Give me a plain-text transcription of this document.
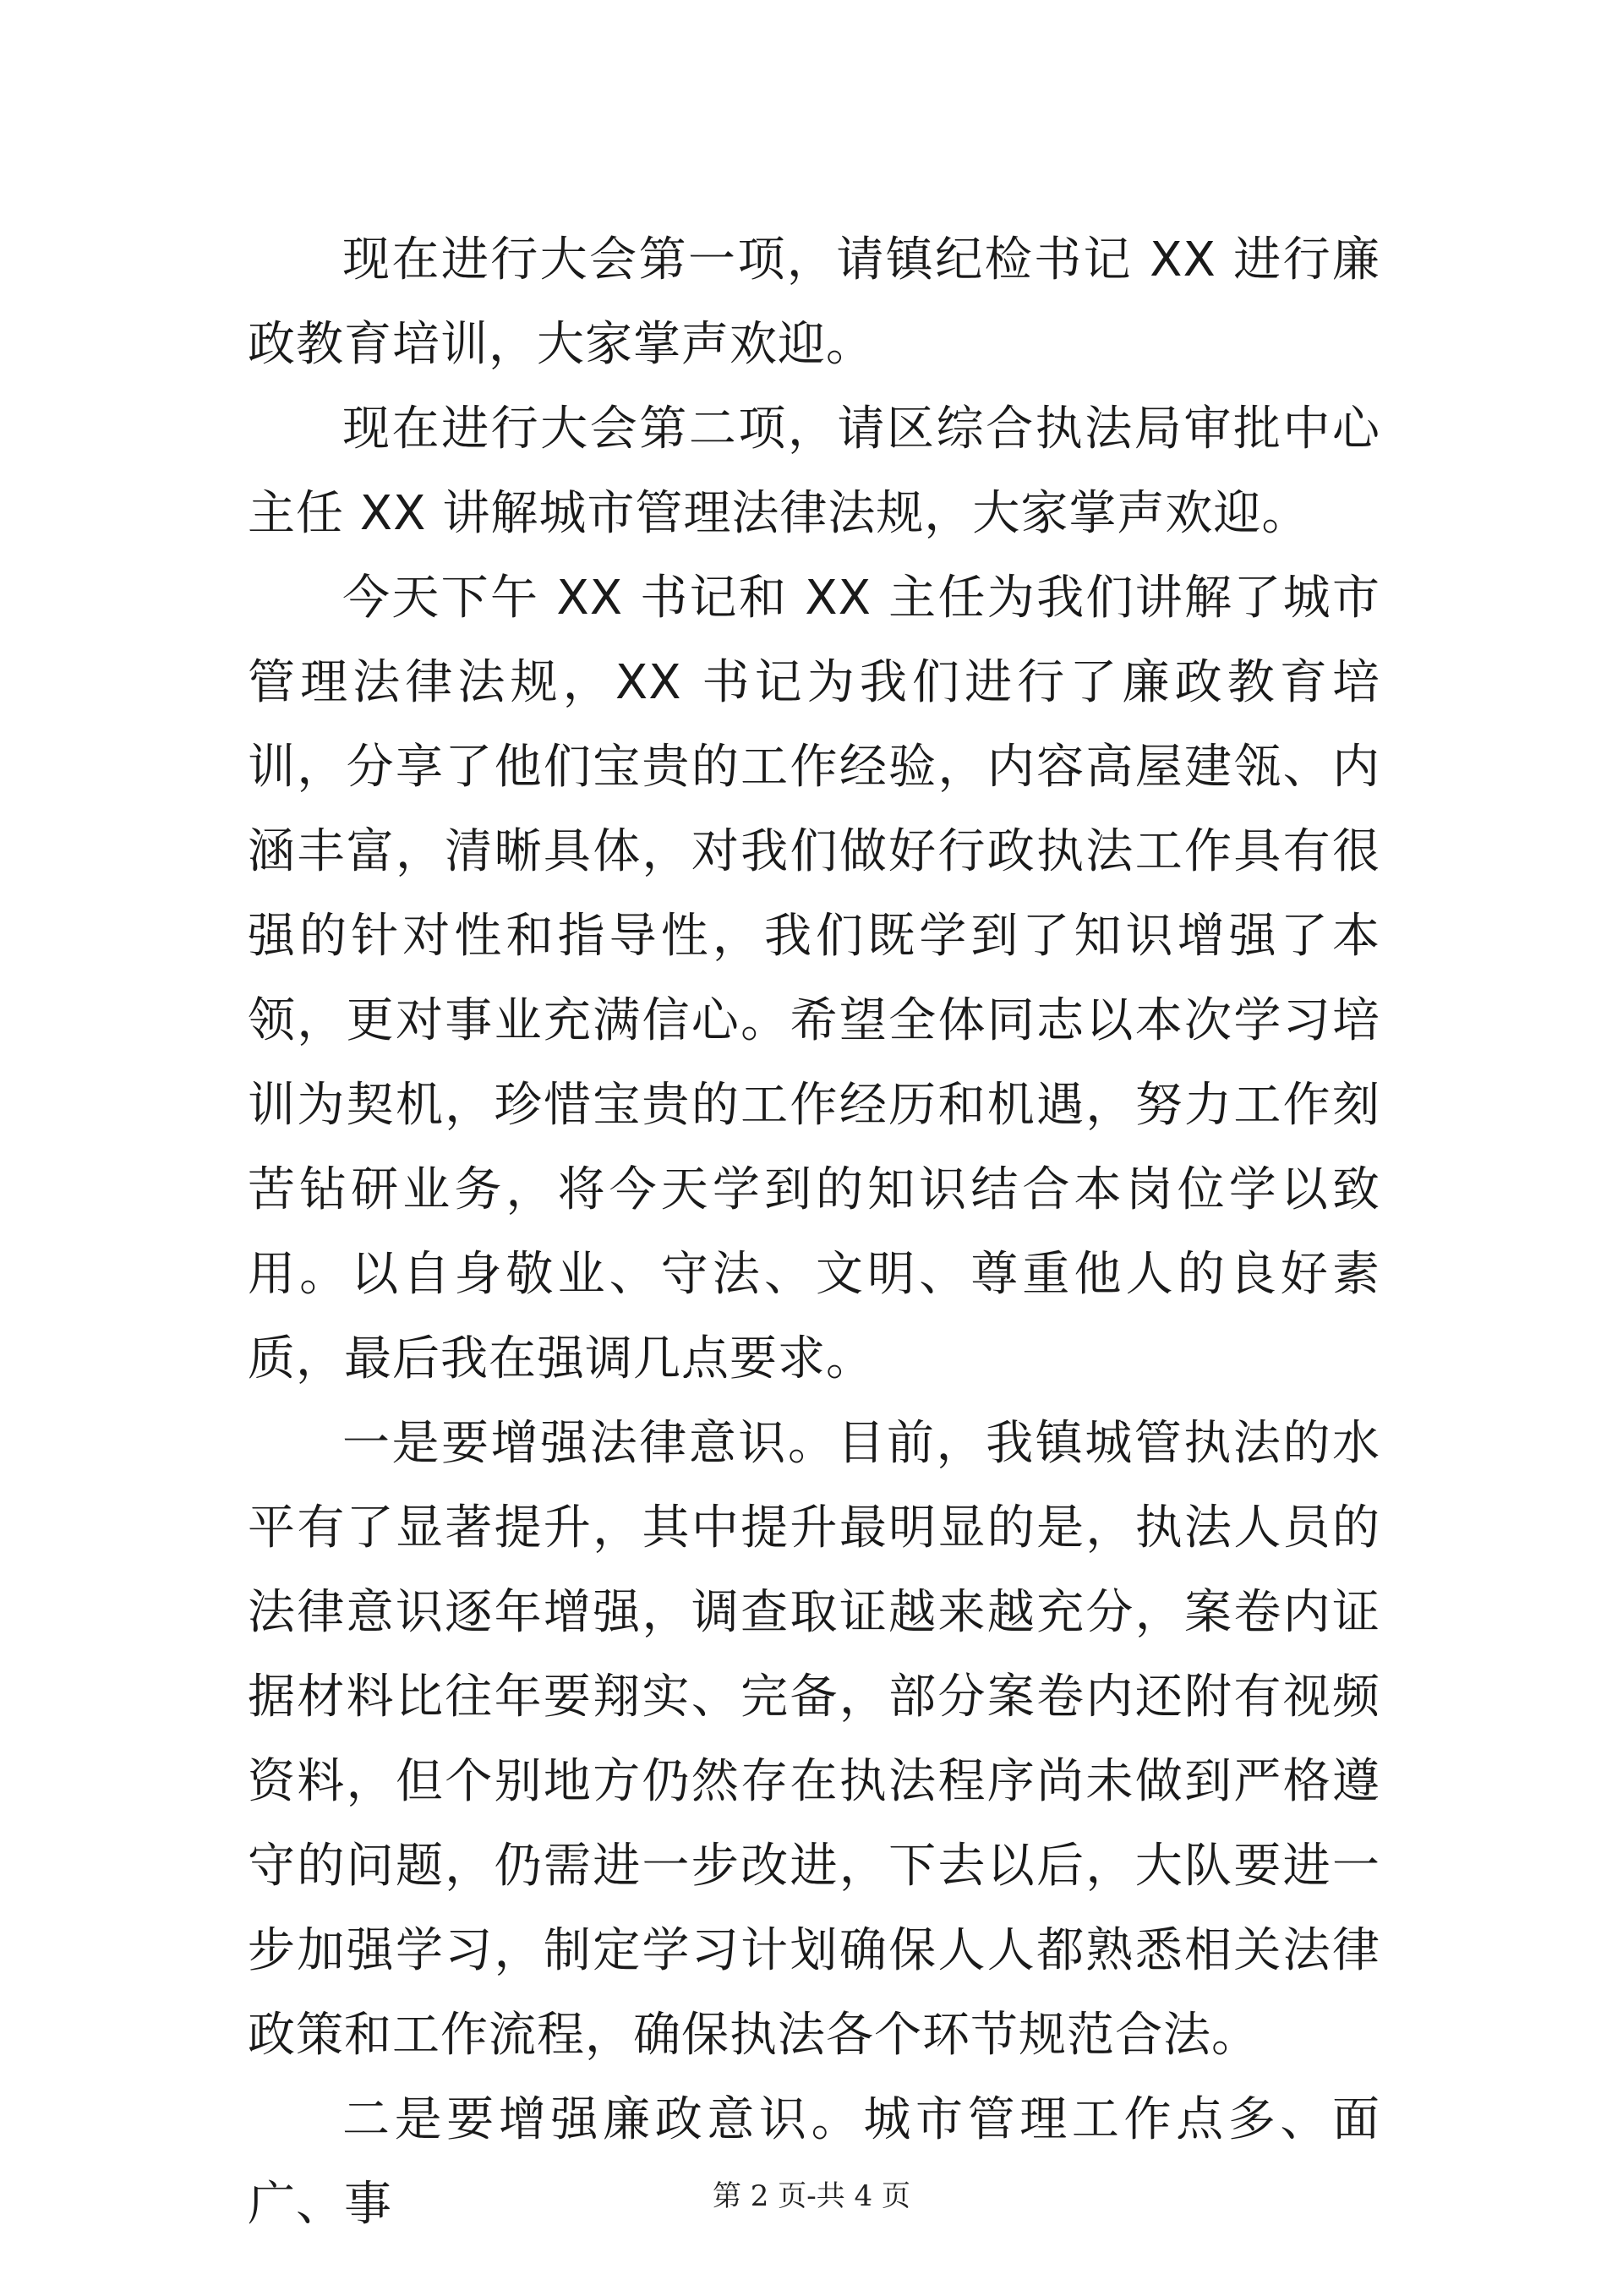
现在进行大会第一项，请镇纪检书记 XX 进行廉政教育培训，大家掌声欢迎。

现在进行大会第二项，请区综合执法局审批中心主任 XX 讲解城市管理法律法规，大家掌声欢迎。

今天下午 XX 书记和 XX 主任为我们讲解了城市管理法律法规，XX 书记为我们进行了廉政教育培训，分享了他们宝贵的工作经验，内容高屋建瓴、内涵丰富，清晰具体，对我们做好行政执法工作具有很强的针对性和指导性，我们既学到了知识增强了本领，更对事业充满信心。希望全体同志以本次学习培训为契机，珍惜宝贵的工作经历和机遇，努力工作刻苦钻研业务，将今天学到的知识结合本岗位学以致用。以自身敬业、守法、文明、尊重他人的良好素质，最后我在强调几点要求。

一是要增强法律意识。目前，我镇城管执法的水平有了显著提升，其中提升最明显的是，执法人员的法律意识逐年增强，调查取证越来越充分，案卷内证据材料比往年要翔实、完备，部分案卷内还附有视频资料，但个别地方仍然存在执法程序尚未做到严格遵守的问题，仍需进一步改进，下去以后，大队要进一步加强学习，制定学习计划确保人人都熟悉相关法律政策和工作流程，确保执法各个环节规范合法。

二是要增强廉政意识。城市管理工作点多、面广、事	第 2 页-共 4 页
